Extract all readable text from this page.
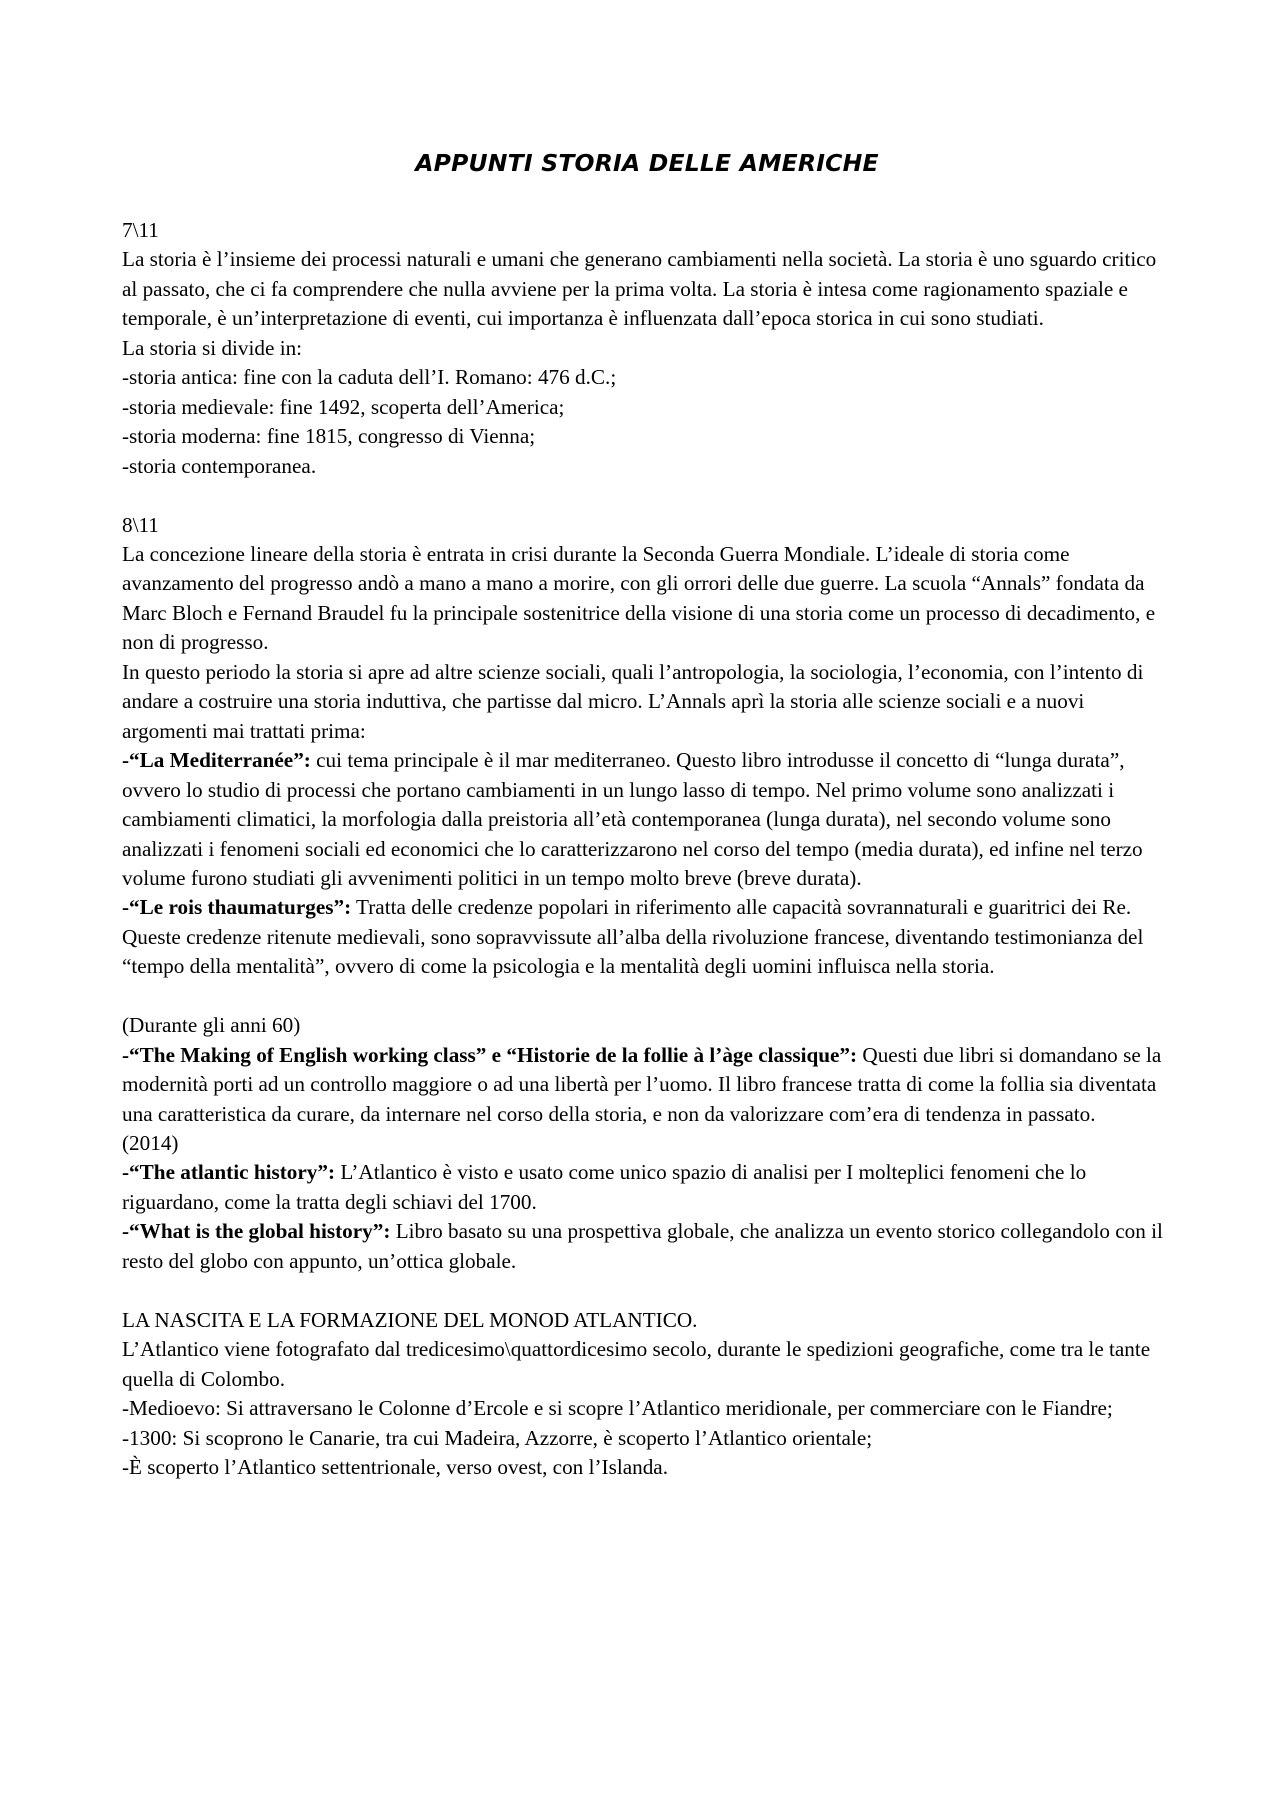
APPUNTI STORIA DELLE AMERICHE

7\11

La storia è l’insieme dei processi naturali e umani che generano cambiamenti nella società. La storia è uno sguardo critico al passato, che ci fa comprendere che nulla avviene per la prima volta. La storia è intesa come ragionamento spaziale e temporale, è un’interpretazione di eventi, cui importanza è influenzata dall’epoca storica in cui sono studiati.

La storia si divide in:

-storia antica: fine con la caduta dell’I. Romano: 476 d.C.;

-storia medievale: fine 1492, scoperta dell’America;

-storia moderna: fine 1815, congresso di Vienna;

-storia contemporanea.

8\11

La concezione lineare della storia è entrata in crisi durante la Seconda Guerra Mondiale. L’ideale di storia come avanzamento del progresso andò a mano a mano a morire, con gli orrori delle due guerre. La scuola “Annals” fondata da Marc Bloch e Fernand Braudel fu la principale sostenitrice della visione di una storia come un processo di decadimento, e non di progresso.

In questo periodo la storia si apre ad altre scienze sociali, quali l’antropologia, la sociologia, l’economia, con l’intento di andare a costruire una storia induttiva, che partisse dal micro. L’Annals aprì la storia alle scienze sociali e a nuovi argomenti mai trattati prima:

-“La Mediterranée”: cui tema principale è il mar mediterraneo. Questo libro introdusse il concetto di “lunga durata”, ovvero lo studio di processi che portano cambiamenti in un lungo lasso di tempo. Nel primo volume sono analizzati i cambiamenti climatici, la morfologia dalla preistoria all’età contemporanea (lunga durata), nel secondo volume sono analizzati i fenomeni sociali ed economici che lo caratterizzarono nel corso del tempo (media durata), ed infine nel terzo volume furono studiati gli avvenimenti politici in un tempo molto breve (breve durata).

-“Le rois thaumaturges”: Tratta delle credenze popolari in riferimento alle capacità sovrannaturali e guaritrici dei Re. Queste credenze ritenute medievali, sono sopravvissute all’alba della rivoluzione francese, diventando testimonianza del “tempo della mentalità”, ovvero di come la psicologia e la mentalità degli uomini influisca nella storia.

(Durante gli anni 60)

-“The Making of English working class” e “Historie de la follie à l’àge classique”: Questi due libri si domandano se la modernità porti ad un controllo maggiore o ad una libertà per l’uomo. Il libro francese tratta di come la follia sia diventata una caratteristica da curare, da internare nel corso della storia, e non da valorizzare com’era di tendenza in passato.

(2014)

-“The atlantic history”: L’Atlantico è visto e usato come unico spazio di analisi per I molteplici fenomeni che lo riguardano, come la tratta degli schiavi del 1700.

-“What is the global history”: Libro basato su una prospettiva globale, che analizza un evento storico collegandolo con il resto del globo con appunto, un’ottica globale.

LA NASCITA E LA FORMAZIONE DEL MONOD ATLANTICO.

L’Atlantico viene fotografato dal tredicesimo\quattordicesimo secolo, durante le spedizioni geografiche, come tra le tante quella di Colombo.

-Medioevo: Si attraversano le Colonne d’Ercole e si scopre l’Atlantico meridionale, per commerciare con le Fiandre;

-1300: Si scoprono le Canarie, tra cui Madeira, Azzorre, è scoperto l’Atlantico orientale;

-È scoperto l’Atlantico settentrionale, verso ovest, con l’Islanda.
